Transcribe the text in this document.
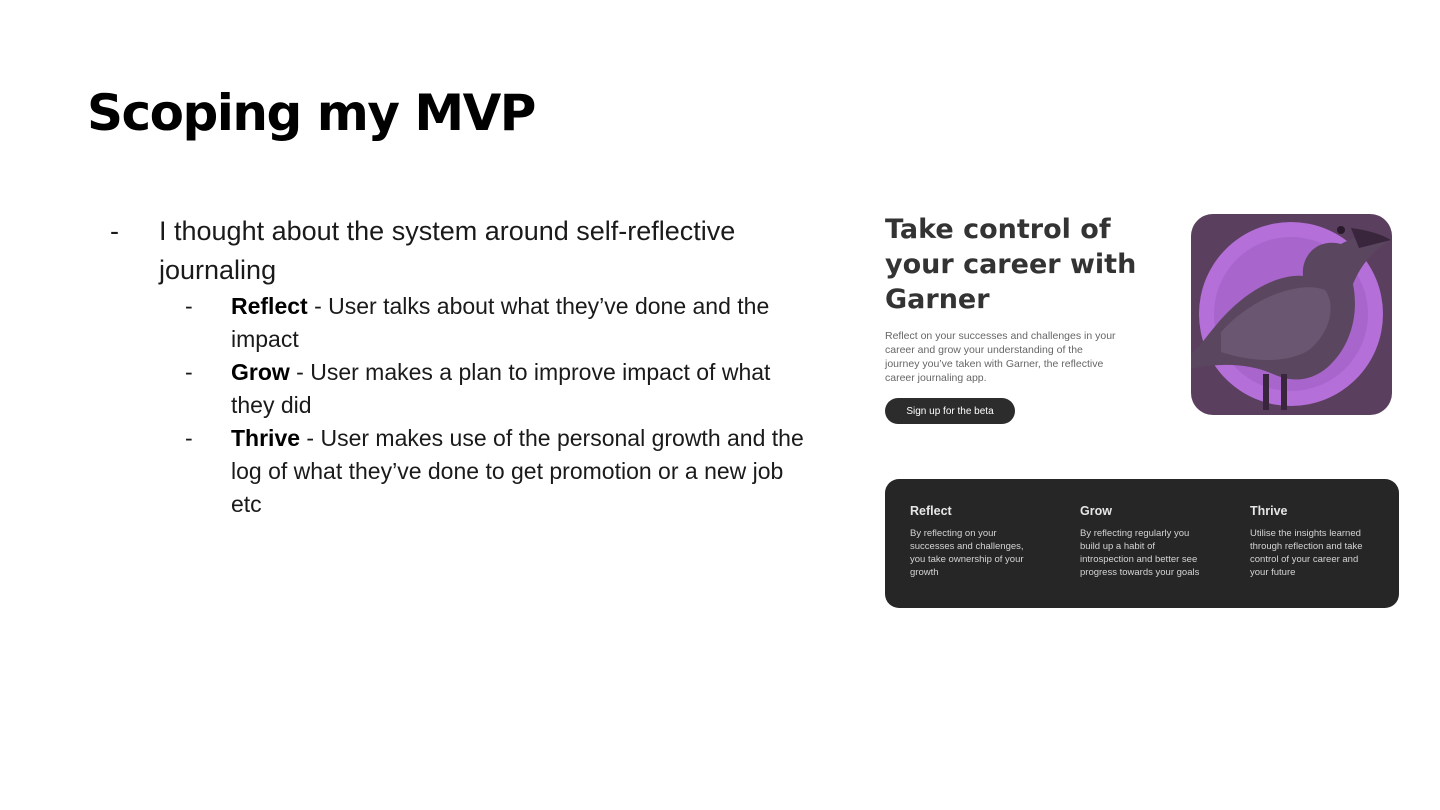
Scoping my MVP
- I thought about the system around self-reflective journaling
- Reflect - User talks about what they’ve done and the impact
- Grow - User makes a plan to improve impact of what they did
- Thrive - User makes use of the personal growth and the log of what they’ve done to get promotion or a new job etc
Take control of your career with Garner

Reflect on your successes and challenges in your career and grow your understanding of the journey you’ve taken with Garner, the reflective career journaling app.

Sign up for the beta

Reflect

By reflecting on your successes and challenges, you take ownership of your growth

Grow

By reflecting regularly you build up a habit of introspection and better see progress towards your goals

Thrive

Utilise the insights learned through reflection and take control of your career and your future
